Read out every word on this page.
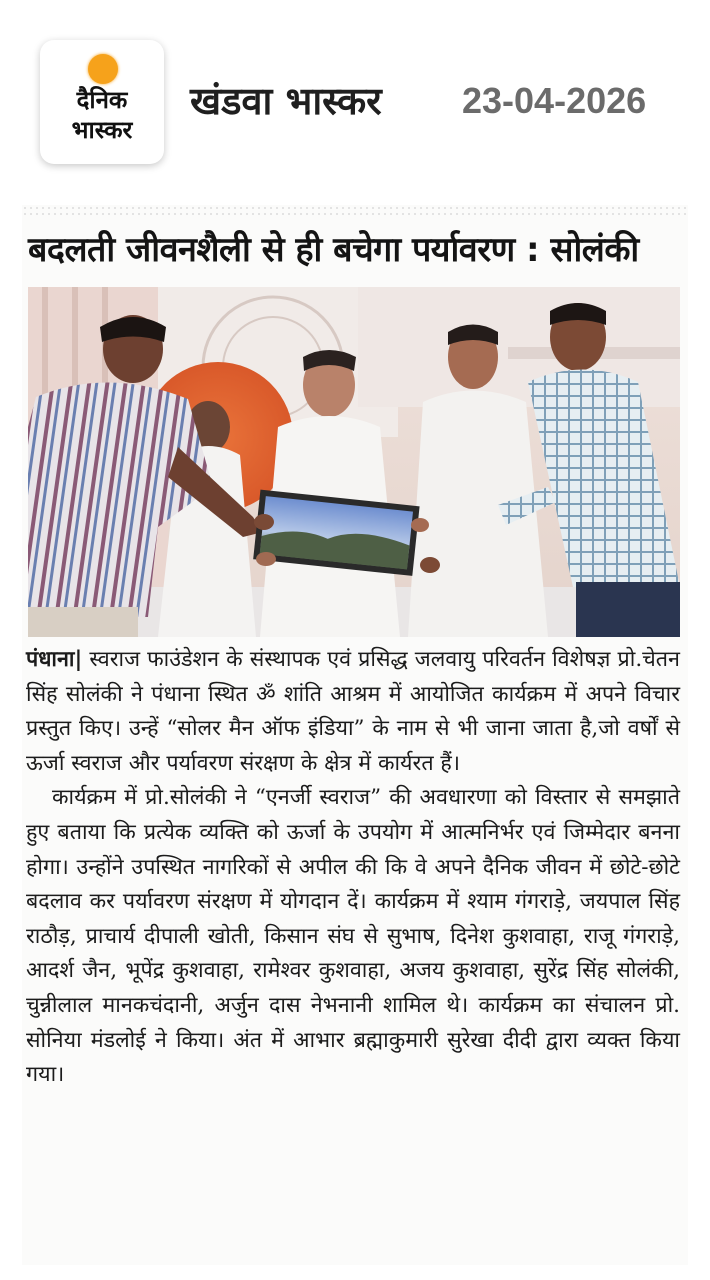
दैनिक
भास्कर
खंडवा भास्कर 23-04-2026
बदलती जीवनशैली से ही बचेगा पर्यावरण : सोलंकी

पंधाना| स्वराज फाउंडेशन के संस्थापक एवं प्रसिद्ध जलवायु परिवर्तन विशेषज्ञ प्रो.चेतन सिंह सोलंकी ने पंधाना स्थित ॐ शांति आश्रम में आयोजित कार्यक्रम में अपने विचार प्रस्तुत किए। उन्हें “सोलर मैन ऑफ इंडिया” के नाम से भी जाना जाता है,जो वर्षों से ऊर्जा स्वराज और पर्यावरण संरक्षण के क्षेत्र में कार्यरत हैं।

कार्यक्रम में प्रो.सोलंकी ने “एनर्जी स्वराज” की अवधारणा को विस्तार से समझाते हुए बताया कि प्रत्येक व्यक्ति को ऊर्जा के उपयोग में आत्मनिर्भर एवं जिम्मेदार बनना होगा। उन्होंने उपस्थित नागरिकों से अपील की कि वे अपने दैनिक जीवन में छोटे-छोटे बदलाव कर पर्यावरण संरक्षण में योगदान दें। कार्यक्रम में श्याम गंगराड़े, जयपाल सिंह राठौड़, प्राचार्य दीपाली खोती, किसान संघ से सुभाष, दिनेश कुशवाहा, राजू गंगराड़े, आदर्श जैन, भूपेंद्र कुशवाहा, रामेश्वर कुशवाहा, अजय कुशवाहा, सुरेंद्र सिंह सोलंकी, चुन्नीलाल मानकचंदानी, अर्जुन दास नेभनानी शामिल थे। कार्यक्रम का संचालन प्रो. सोनिया मंडलोई ने किया। अंत में आभार ब्रह्माकुमारी सुरेखा दीदी द्वारा व्यक्त किया गया।
